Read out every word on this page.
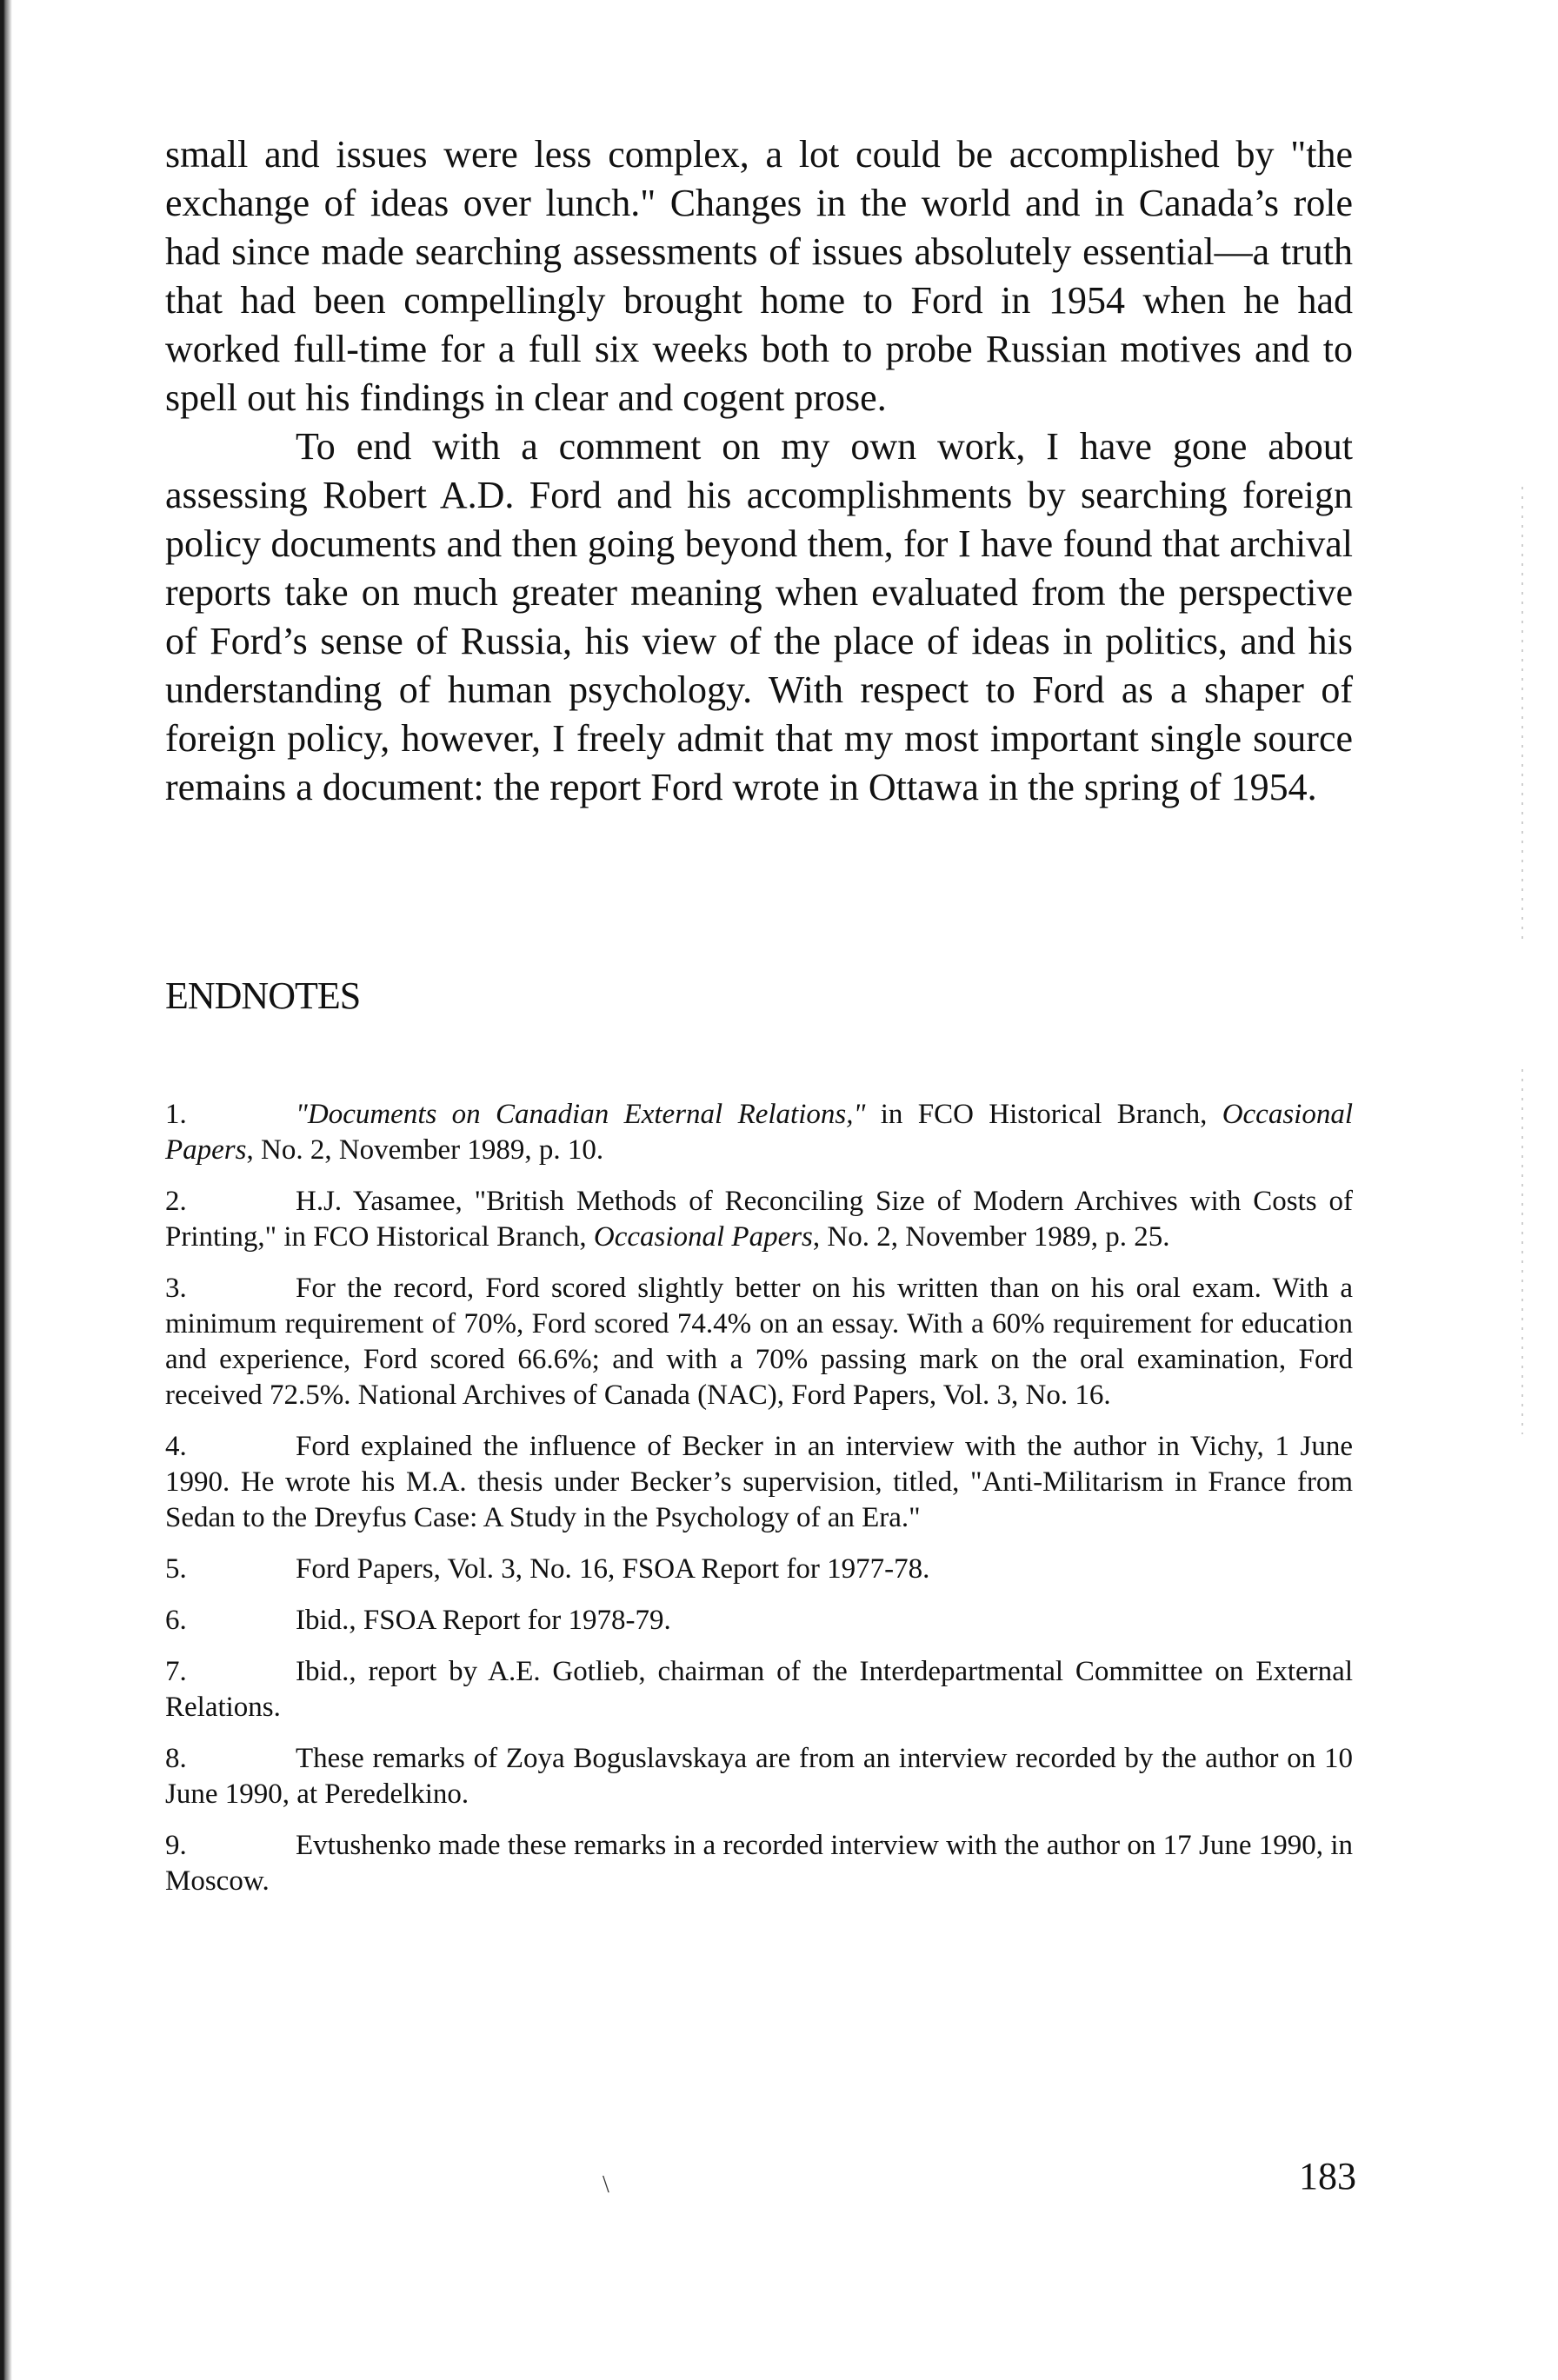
small and issues were less complex, a lot could be accomplished by "the exchange of ideas over lunch." Changes in the world and in Canada’s role had since made searching assessments of issues absolutely essential—a truth that had been compellingly brought home to Ford in 1954 when he had worked full-time for a full six weeks both to probe Russian motives and to spell out his findings in clear and cogent prose.

To end with a comment on my own work, I have gone about assessing Robert A.D. Ford and his accomplishments by searching foreign policy documents and then going beyond them, for I have found that archival reports take on much greater meaning when evaluated from the perspective of Ford’s sense of Russia, his view of the place of ideas in politics, and his understanding of human psychology. With respect to Ford as a shaper of foreign policy, however, I freely admit that my most important single source remains a document: the report Ford wrote in Ottawa in the spring of 1954.

ENDNOTES

1.	"Documents on Canadian External Relations," in FCO Historical Branch, Occasional Papers, No. 2, November 1989, p. 10.

2.	H.J. Yasamee, "British Methods of Reconciling Size of Modern Archives with Costs of Printing," in FCO Historical Branch, Occasional Papers, No. 2, November 1989, p. 25.

3.	For the record, Ford scored slightly better on his written than on his oral exam. With a minimum requirement of 70%, Ford scored 74.4% on an essay. With a 60% requirement for education and experience, Ford scored 66.6%; and with a 70% passing mark on the oral examination, Ford received 72.5%. National Archives of Canada (NAC), Ford Papers, Vol. 3, No. 16.

4.	Ford explained the influence of Becker in an interview with the author in Vichy, 1 June 1990. He wrote his M.A. thesis under Becker’s supervision, titled, "Anti-Militarism in France from Sedan to the Dreyfus Case: A Study in the Psychology of an Era."

5.	Ford Papers, Vol. 3, No. 16, FSOA Report for 1977-78.

6.	Ibid., FSOA Report for 1978-79.

7.	Ibid., report by A.E. Gotlieb, chairman of the Interdepartmental Committee on External Relations.

8.	These remarks of Zoya Boguslavskaya are from an interview recorded by the author on 10 June 1990, at Peredelkino.

9.	Evtushenko made these remarks in a recorded interview with the author on 17 June 1990, in Moscow.

\	183
